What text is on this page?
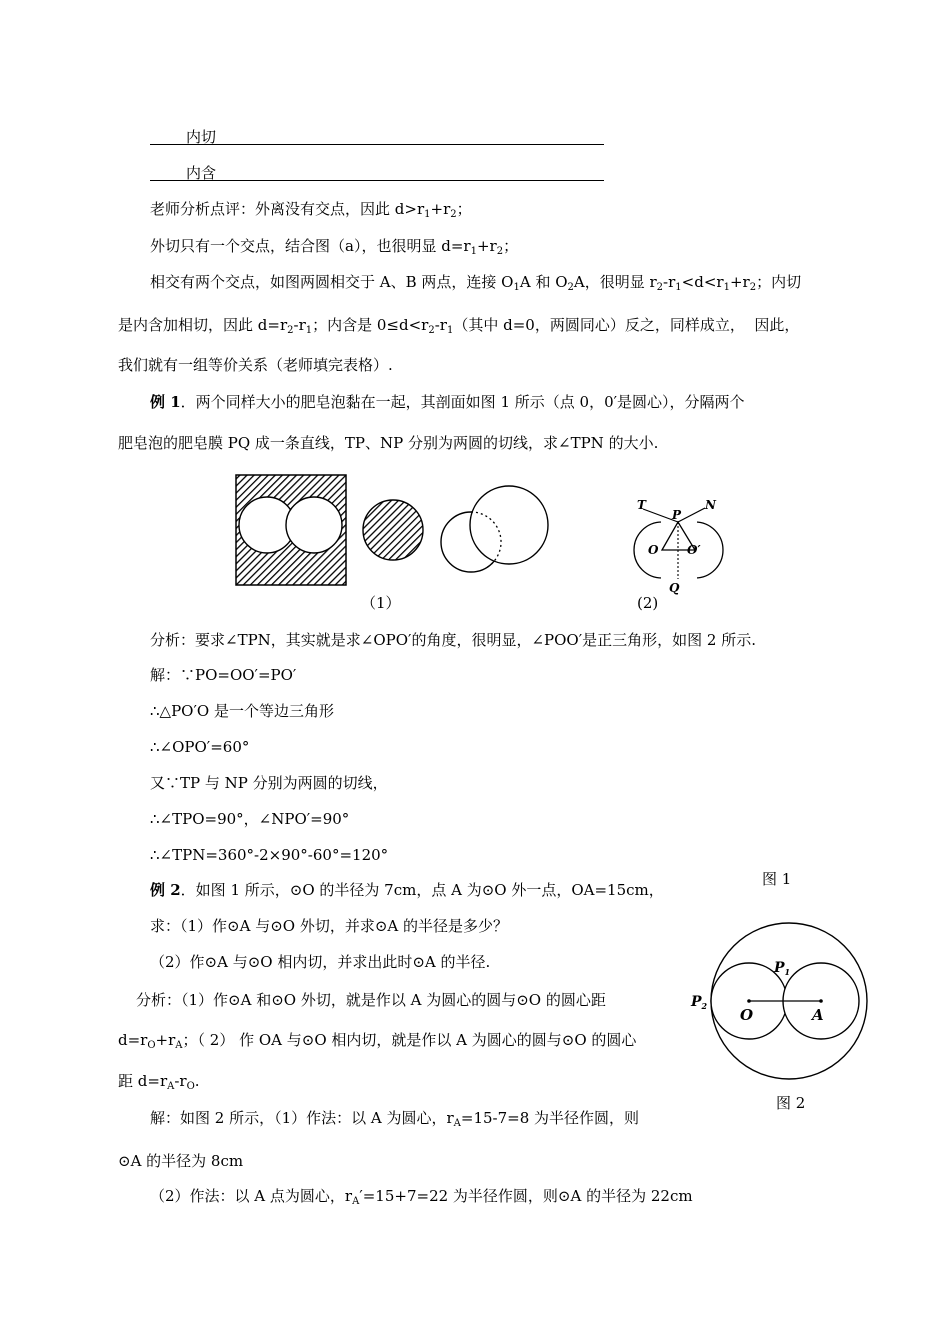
内切
内含
老师分析点评：外离没有交点，因此 $d>r_1+r_2$；
外切只有一个交点，结合图（a），也很明显 $d=r_1+r_2$；
相交有两个交点，如图两圆相交于 A、B 两点，连接 $O_1A$ 和 $O_2A$，很明显 $r_2-r_1<d<r_1+r_2$；内切
是内含加相切，因此 $d=r_2-r_1$；内含是 $0\le d<r_2-r_1$（其中 d=0，两圆同心）反之，同样成立， 因此，
我们就有一组等价关系（老师填完表格）.
例 1．两个同样大小的肥皂泡黏在一起，其剖面如图 1 所示（点 0，0′是圆心），分隔两个
肥皂泡的肥皂膜 PQ 成一条直线，TP、NP 分别为两圆的切线，求∠TPN 的大小.
T
P
N
O O′
Q
（1）	(2)
分析：要求∠TPN，其实就是求∠OPO′的角度，很明显，∠POO′是正三角形，如图 2 所示.
解：∵PO=OO′=PO′
∴△PO′O 是一个等边三角形
∴∠OPO′=60°
又∵TP 与 NP 分别为两圆的切线，
∴∠TPO=90°，∠NPO′=90°
∴∠TPN=360°-2×90°-60°=120°
例 2．如图 1 所示，⊙O 的半径为 7cm，点 A 为⊙O 外一点，OA=15cm，
图 1
求：（1）作⊙A 与⊙O 外切，并求⊙A 的半径是多少？
（2）作⊙A 与⊙O 相内切，并求出此时⊙A 的半径.
分析：（1）作⊙A 和⊙O 外切，就是作以 A 为圆心的圆与⊙O 的圆心距
$d=r_O+r_A$；（ 2） 作 OA 与⊙O 相内切，就是作以 A 为圆心的圆与⊙O 的圆心
距 $d=r_A-r_O$.
O	A
$P_1$
$P_2$
图 2
解：如图 2 所示，（1）作法：以 A 为圆心，$r_A=15-7=8$ 为半径作圆，则
⊙A 的半径为 8cm
（2）作法：以 A 点为圆心，$r_A'=15+7=22$ 为半径作圆，则⊙A 的半径为 22cm
